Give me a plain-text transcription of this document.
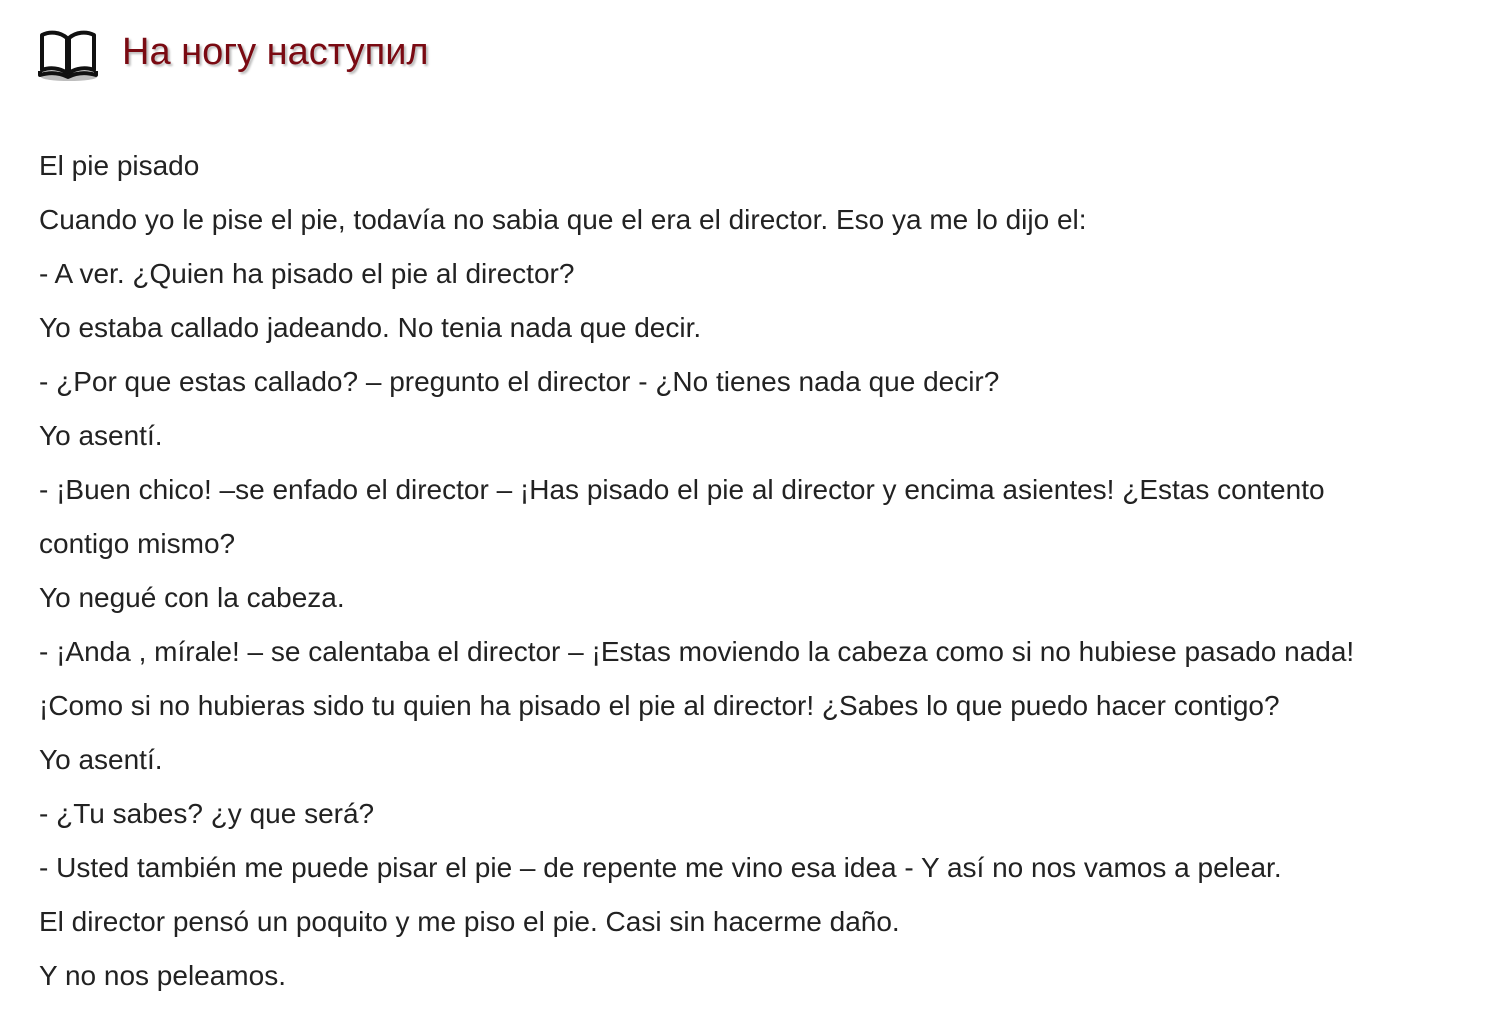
На ногу наступил

El pie pisado

Cuando yo le pise el pie, todavía no sabia que el era el director. Eso ya me lo dijo el:

- A ver. ¿Quien ha pisado el pie al director?

Yo estaba callado jadeando. No tenia nada que decir.

- ¿Por que estas callado? – pregunto el director - ¿No tienes nada que decir?

Yo asentí.

- ¡Buen chico! –se enfado el director – ¡Has pisado el pie al director y encima asientes! ¿Estas contento

contigo mismo?

Yo negué con la cabeza.

- ¡Anda , mírale! – se calentaba el director – ¡Estas moviendo la cabeza como si no hubiese pasado nada!

¡Como si no hubieras sido tu quien ha pisado el pie al director! ¿Sabes lo que puedo hacer contigo?

Yo asentí.

- ¿Tu sabes? ¿y que será?

- Usted también me puede pisar el pie – de repente me vino esa idea - Y así no nos vamos a pelear.

El director pensó un poquito y me piso el pie. Casi sin hacerme daño.

Y no nos peleamos.
